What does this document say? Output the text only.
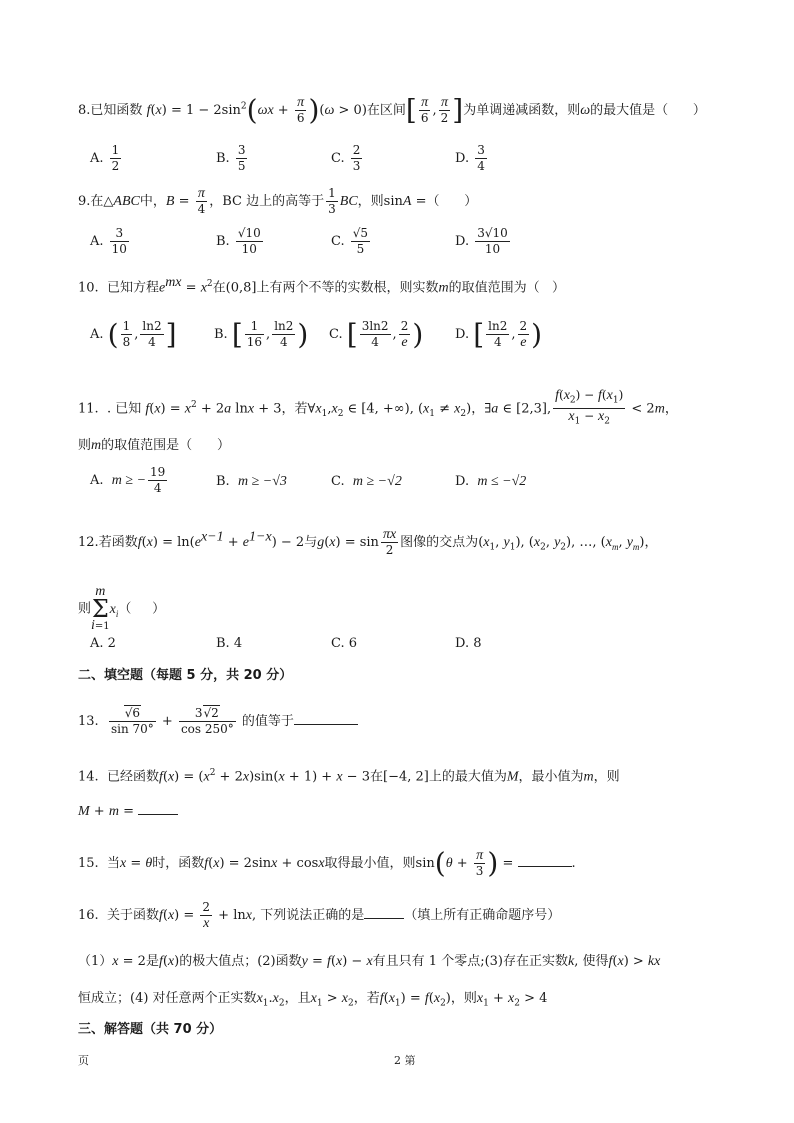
8.已知函数 $f(x) = 1 - 2\sin^2(\omega x + \frac{\pi}{6} )(\omega > 0)$在区间[ $\frac{\pi}{6}$ , $\frac{\pi}{2}$ ]为单调递减函数，则ω的最大值是（ ）
A. $\frac{1}{2}$	B. $\frac{3}{5}$	C. $\frac{2}{3}$	D. $\frac{3}{4}$
9.在△ABC中，$B = \frac{\pi}{4}$ ，BC 边上的高等于 $\frac{1}{3}$ BC，则sinA =（ ）
A. $\frac{3}{10}$	B. $\frac{√10}{10}$	C. $\frac{√5}{5}$	D. $\frac{3√10}{10}$
10. 已知方程$e^{mx} = x^2$在(0,8]上有两个不等的实数根，则实数m的取值范围为（ ）
A. ( $\frac{1}{8}$ , $\frac{\ln 2}{4}$ ]	B. [ $\frac{1}{16}$ , $\frac{\ln 2}{4}$ ) C. [ $\frac{3\ln 2}{4}$ , $\frac{2}{e}$ ) D. [ $\frac{\ln 2}{4}$ , $\frac{2}{e}$ )
11. . 已知 $f(x) = x^2 + 2a$ lnx + 3，若$\forall x_1,x_2$ ∈ [4, +∞), $(x_1 \ne x_2)$，∃a ∈ [2,3], $\frac{f(x_2) - f(x_1)}{x_1 - x_2} < 2m$，
则m的取值范围是（ ）
A. m ≥ − $\frac{19}{4}$	B. m ≥ −√3	C. m ≥ −√2	D. m ≤ −√2
12.若函数$f(x) = \ln(e^{x-1} + e^{1-x}) - 2$与$g(x) = \sin \frac{\pi x}{2}$ 图像的交点为($x_1$, $y_1$), ($x_2$, $y_2$), …, ($x_m$, $y_m$)，
则m
Σ
$i=1x_i$（ ）
A. 2	B. 4	C. 6	D. 8
二、填空题（每题 5 分，共 20 分）
13. $\frac{√6}{\sin 70^\circ} + \frac{3√2}{\cos 250^\circ}$ 的值等于
14. 已经函数$f(x) = (x^2 + 2x)\sin(x + 1) + x - 3$在[−4, 2]上的最大值为M，最小值为m，则
M + m =
15. 当x = θ时，函数f(x) = 2sinx + cosx取得最小值，则$\sin(\theta + \frac{\pi}{3}$ ) =	.
16. 关于函数$f(x) = \frac{2}{x} + \ln x$, 下列说法正确的是	（填上所有正确命题序号）
（1）x = 2是f(x)的极大值点；(2)函数y = f(x) − x有且只有 1 个零点;(3)存在正实数k, 使得f(x) > kx
恒成立；(4) 对任意两个正实数$x_1.x_2$，且$x_1 > x_2$，若$f(x_1) = f(x_2)$，则$x_1 + x_2 > 4$
三、解答题（共 70 分）
页	2 第
